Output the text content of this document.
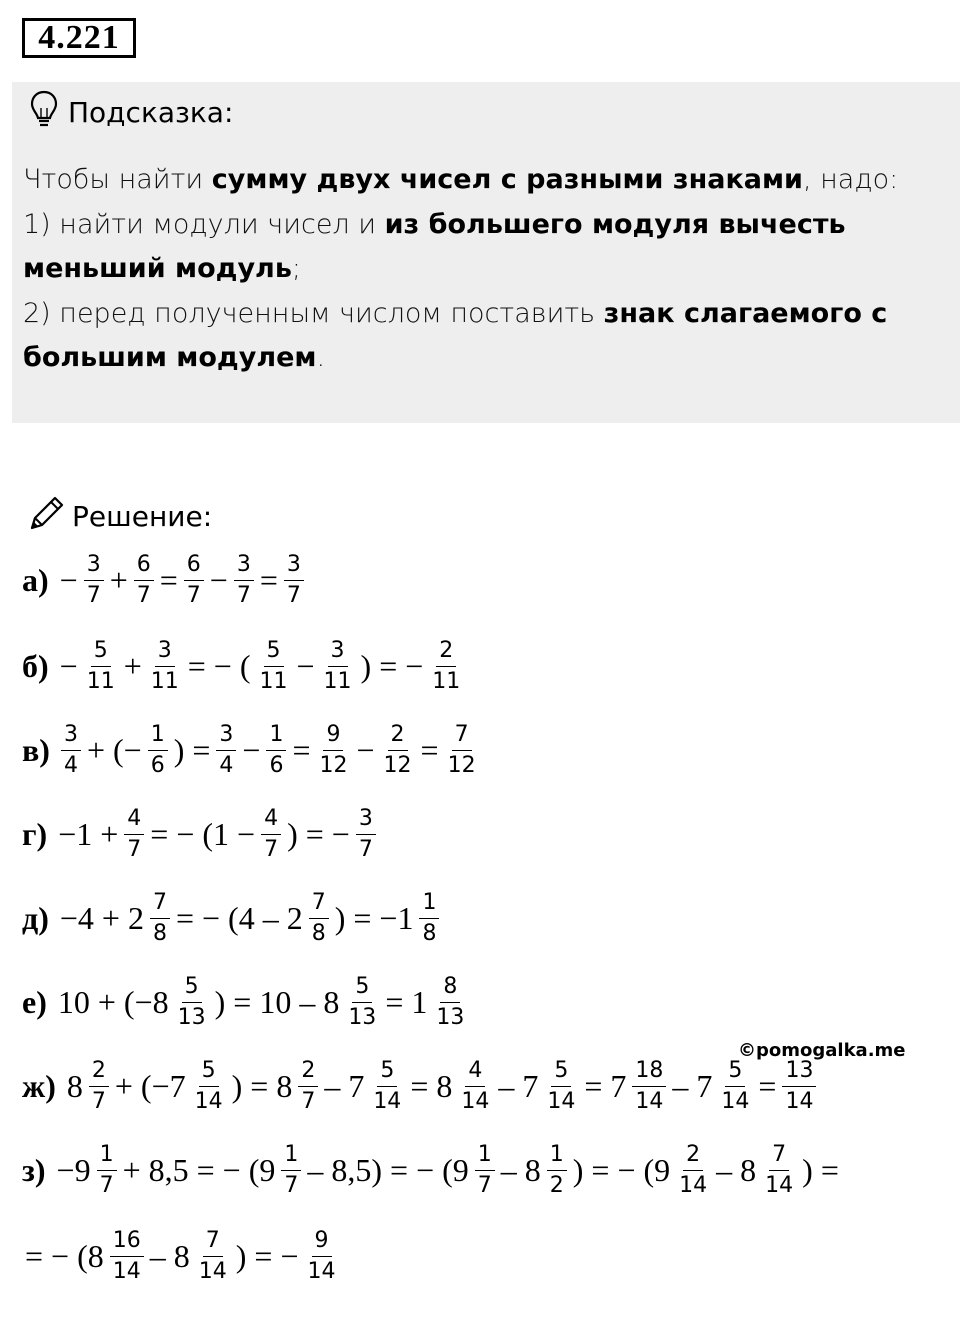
4.221
Подсказка:
Чтобы найти сумму двух чисел с разными знаками, надо:
1) найти модули чисел и из большего модуля вычесть меньший модуль;
2) перед полученным числом поставить знак слагаемого с большим модулем.
Решение:
$а) - \frac{3}{7} + \frac{6}{7} = \frac{6}{7} - \frac{3}{7} = \frac{3}{7}$
$б) - \frac{5}{11} + \frac{3}{11}$ = − ( $\frac{5}{11} - \frac{3}{11}$ ) = − $\frac{2}{11}$
$в) \frac{3}{4}$ + (− $\frac{1}{6}$ ) = $\frac{3}{4} - \frac{1}{6} = \frac{9}{12} - \frac{2}{12} = \frac{7}{12}$
$г) -1 + \frac{4}{7}$ = − ($1 - \frac{4}{7}$ ) = − $\frac{3}{7}$
$д) -4 + 2 \frac{7}{8}$ = − ($4 - 2 \frac{7}{8}$ ) = $-1 \frac{1}{8}$
е) $10 + (-8 \frac{5}{13}$ ) = $10 - 8 \frac{5}{13} = 1 \frac{8}{13}$
ж) $8 \frac{2}{7} + (-7 \frac{5}{14}$ ) = $8 \frac{2}{7} - 7 \frac{5}{14} = 8 \frac{4}{14} - 7 \frac{5}{14} = 7 \frac{18}{14} - 7 \frac{5}{14} = \frac{13}{14}$
$з) -9 \frac{1}{7} + 8,5$ = − $(9 \frac{1}{7} - 8,5)$ = − ($9 \frac{1}{7} - 8 \frac{1}{2}$ ) = − ($9 \frac{2}{14} - 8 \frac{7}{14}$ ) =
= − ($8 \frac{16}{14} - 8 \frac{7}{14}$ ) = − $\frac{9}{14}$
©pomogalka.me
